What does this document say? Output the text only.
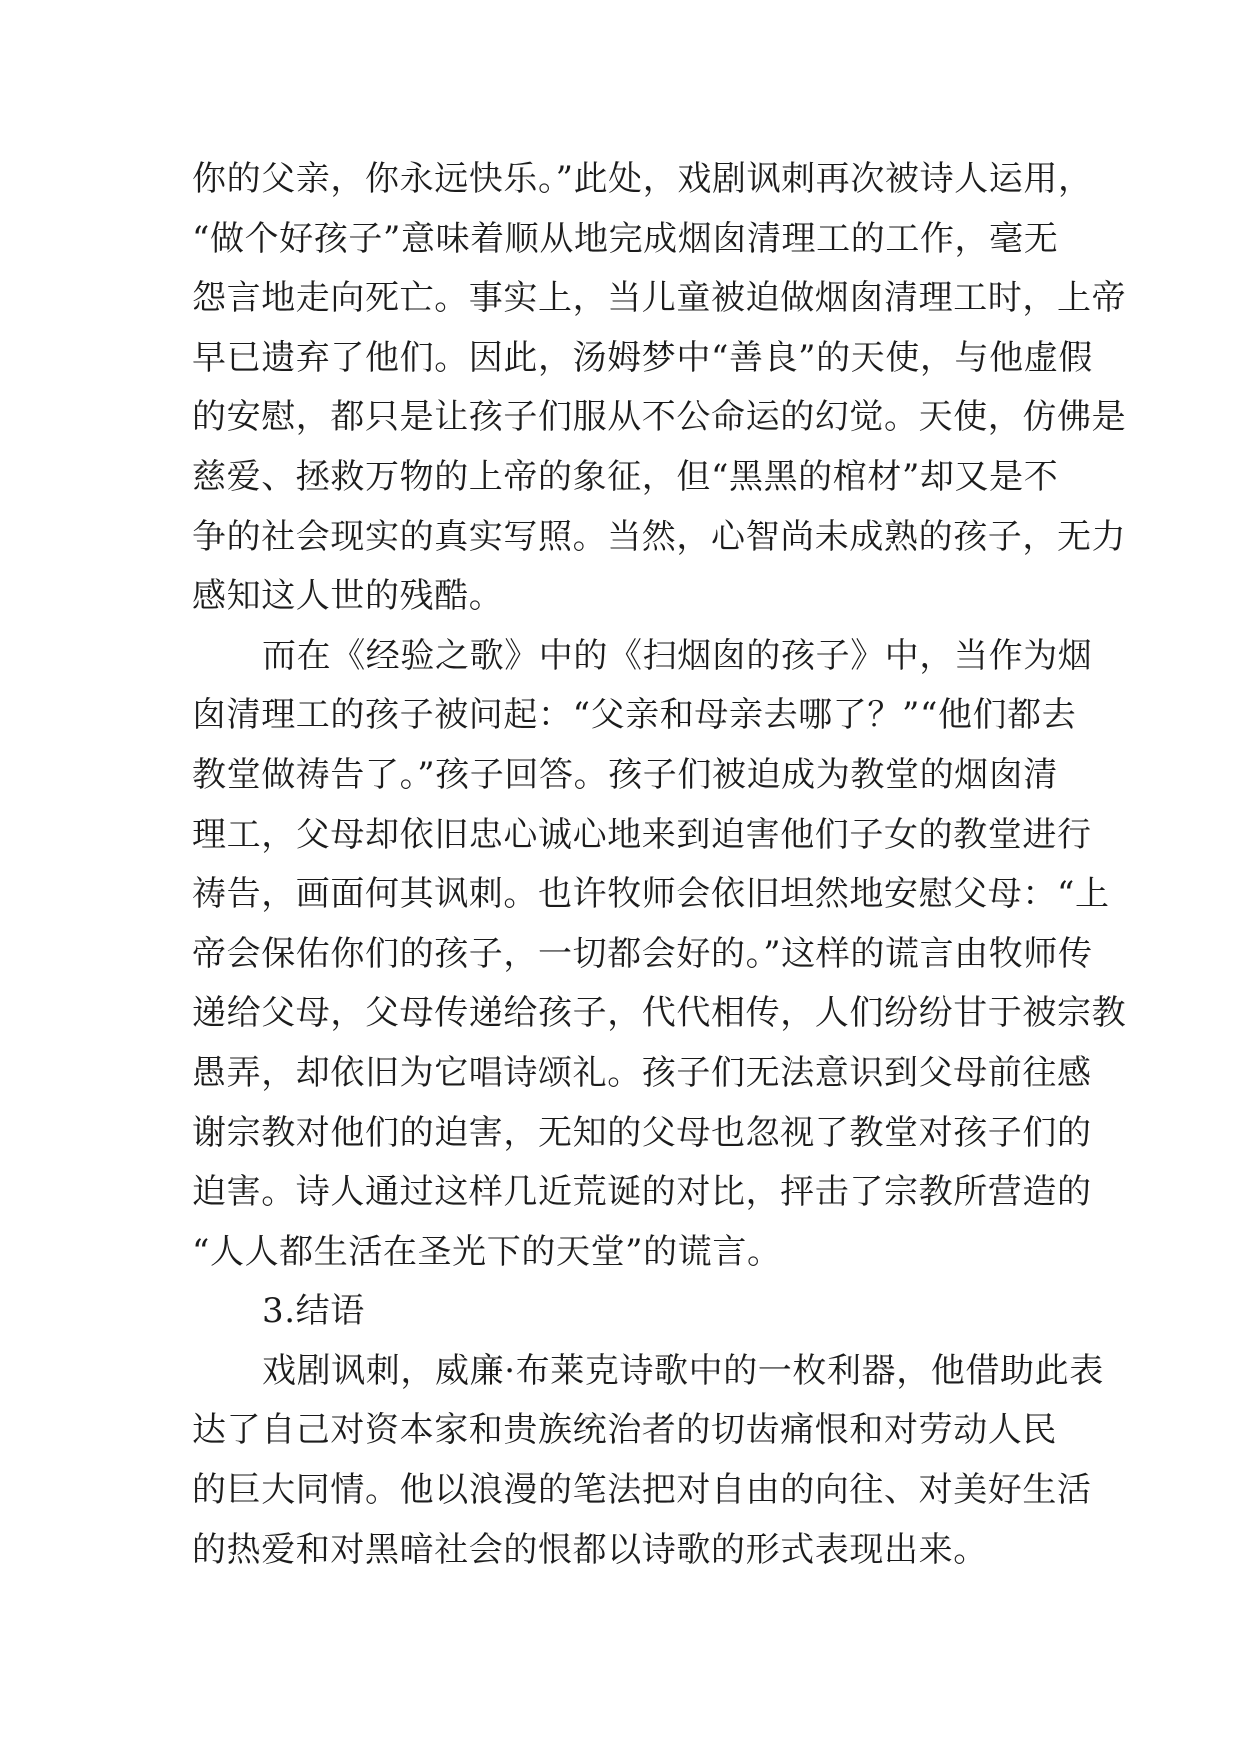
你的父亲，你永远快乐。”此处，戏剧讽刺再次被诗人运用，
“做个好孩子”意味着顺从地完成烟囱清理工的工作，毫无
怨言地走向死亡。事实上，当儿童被迫做烟囱清理工时，上帝
早已遗弃了他们。因此，汤姆梦中“善良”的天使，与他虚假
的安慰，都只是让孩子们服从不公命运的幻觉。天使，仿佛是
慈爱、拯救万物的上帝的象征，但“黑黑的棺材”却又是不
争的社会现实的真实写照。当然，心智尚未成熟的孩子，无力
感知这人世的残酷。
而在《经验之歌》中的《扫烟囱的孩子》中，当作为烟
囱清理工的孩子被问起：“父亲和母亲去哪了？”“他们都去
教堂做祷告了。”孩子回答。孩子们被迫成为教堂的烟囱清
理工，父母却依旧忠心诚心地来到迫害他们子女的教堂进行
祷告，画面何其讽刺。也许牧师会依旧坦然地安慰父母：“上
帝会保佑你们的孩子，一切都会好的。”这样的谎言由牧师传
递给父母，父母传递给孩子，代代相传，人们纷纷甘于被宗教
愚弄，却依旧为它唱诗颂礼。孩子们无法意识到父母前往感
谢宗教对他们的迫害，无知的父母也忽视了教堂对孩子们的
迫害。诗人通过这样几近荒诞的对比，抨击了宗教所营造的
“人人都生活在圣光下的天堂”的谎言。
3.结语
戏剧讽刺，威廉·布莱克诗歌中的一枚利器，他借助此表
达了自己对资本家和贵族统治者的切齿痛恨和对劳动人民
的巨大同情。他以浪漫的笔法把对自由的向往、对美好生活
的热爱和对黑暗社会的恨都以诗歌的形式表现出来。
